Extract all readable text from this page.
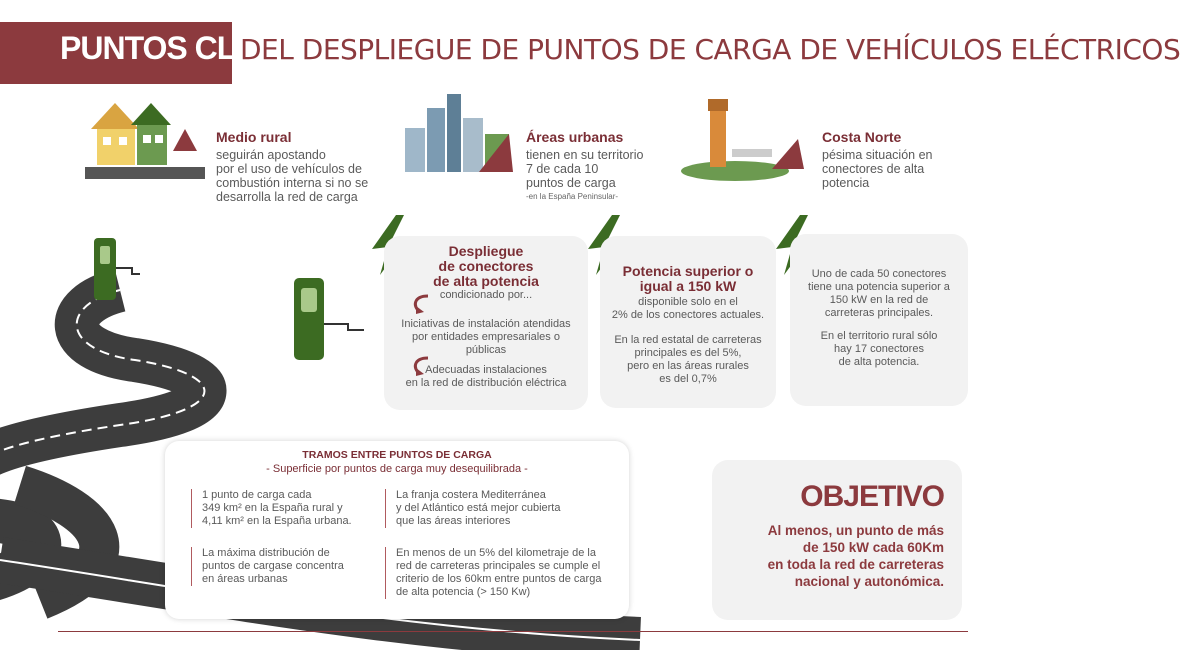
PUNTOS CLAVE
DEL DESPLIEGUE DE PUNTOS DE CARGA DE VEHÍCULOS ELÉCTRICOS
Medio rural
seguirán apostando
por el uso de vehículos de
combustión interna si no se
desarrolla la red de carga
Áreas urbanas
tienen en su territorio
7 de cada 10
puntos de carga
-en la España Peninsular-
Costa Norte
pésima situación en
conectores de alta
potencia
Despliegue
de conectores
de alta potencia
condicionado por...
Iniciativas de instalación atendidas
por entidades empresariales o
públicas
Adecuadas instalaciones
en la red de distribución eléctrica
Potencia superior o
igual a 150 kW
disponible solo en el
2% de los conectores actuales.
En la red estatal de carreteras
principales es del 5%,
pero en las áreas rurales
es del 0,7%
Uno de cada 50 conectores
tiene una potencia superior a
150 kW en la red de
carreteras principales.
En el territorio rural sólo
hay 17 conectores
de alta potencia.
TRAMOS ENTRE PUNTOS DE CARGA
- Superficie por puntos de carga muy desequilibrada -
1 punto de carga cada
349 km² en la España rural y
4,11 km² en la España urbana.
La máxima distribución de
puntos de cargase concentra
en áreas urbanas
La franja costera Mediterránea
y del Atlántico está mejor cubierta
que las áreas interiores
En menos de un 5% del kilometraje de la
red de carreteras principales se cumple el
criterio de los 60km entre puntos de carga
de alta potencia (> 150 Kw)
OBJETIVO
Al menos, un punto de más
de 150 kW cada 60Km
en toda la red de carreteras
nacional y autonómica.
